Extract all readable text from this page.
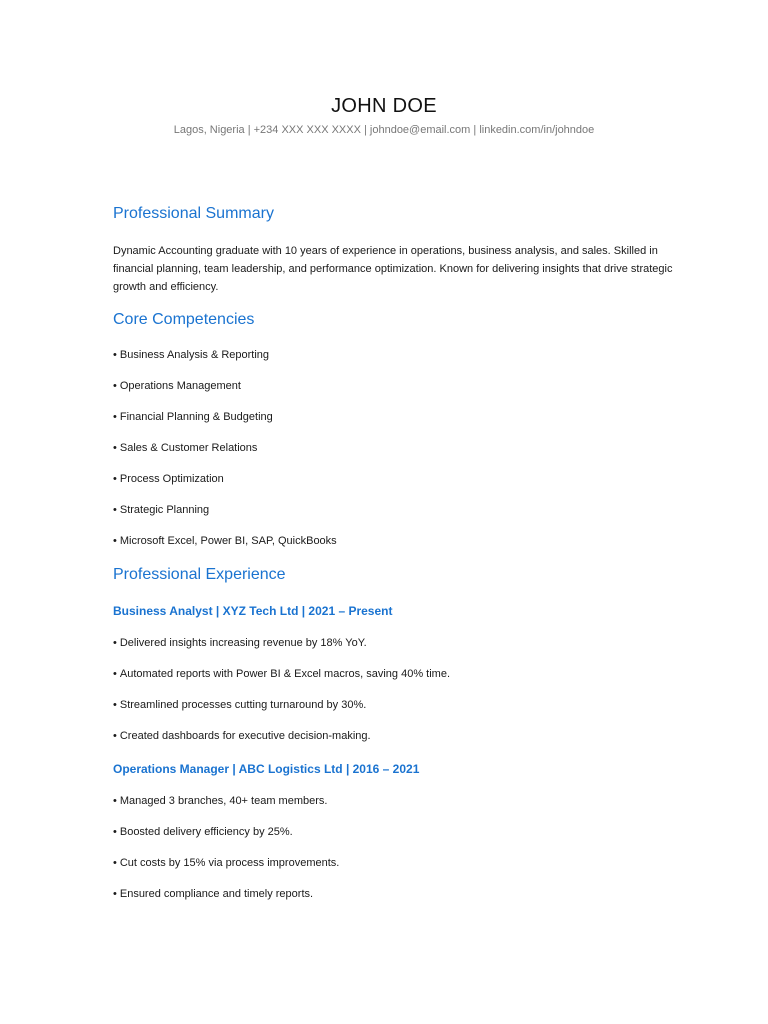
JOHN DOE
Lagos, Nigeria | +234 XXX XXX XXXX | johndoe@email.com | linkedin.com/in/johndoe
Professional Summary
Dynamic Accounting graduate with 10 years of experience in operations, business analysis, and sales. Skilled in financial planning, team leadership, and performance optimization. Known for delivering insights that drive strategic growth and efficiency.
Core Competencies
• Business Analysis & Reporting
• Operations Management
• Financial Planning & Budgeting
• Sales & Customer Relations
• Process Optimization
• Strategic Planning
• Microsoft Excel, Power BI, SAP, QuickBooks
Professional Experience
Business Analyst | XYZ Tech Ltd | 2021 – Present
• Delivered insights increasing revenue by 18% YoY.
• Automated reports with Power BI & Excel macros, saving 40% time.
• Streamlined processes cutting turnaround by 30%.
• Created dashboards for executive decision-making.
Operations Manager | ABC Logistics Ltd | 2016 – 2021
• Managed 3 branches, 40+ team members.
• Boosted delivery efficiency by 25%.
• Cut costs by 15% via process improvements.
• Ensured compliance and timely reports.
